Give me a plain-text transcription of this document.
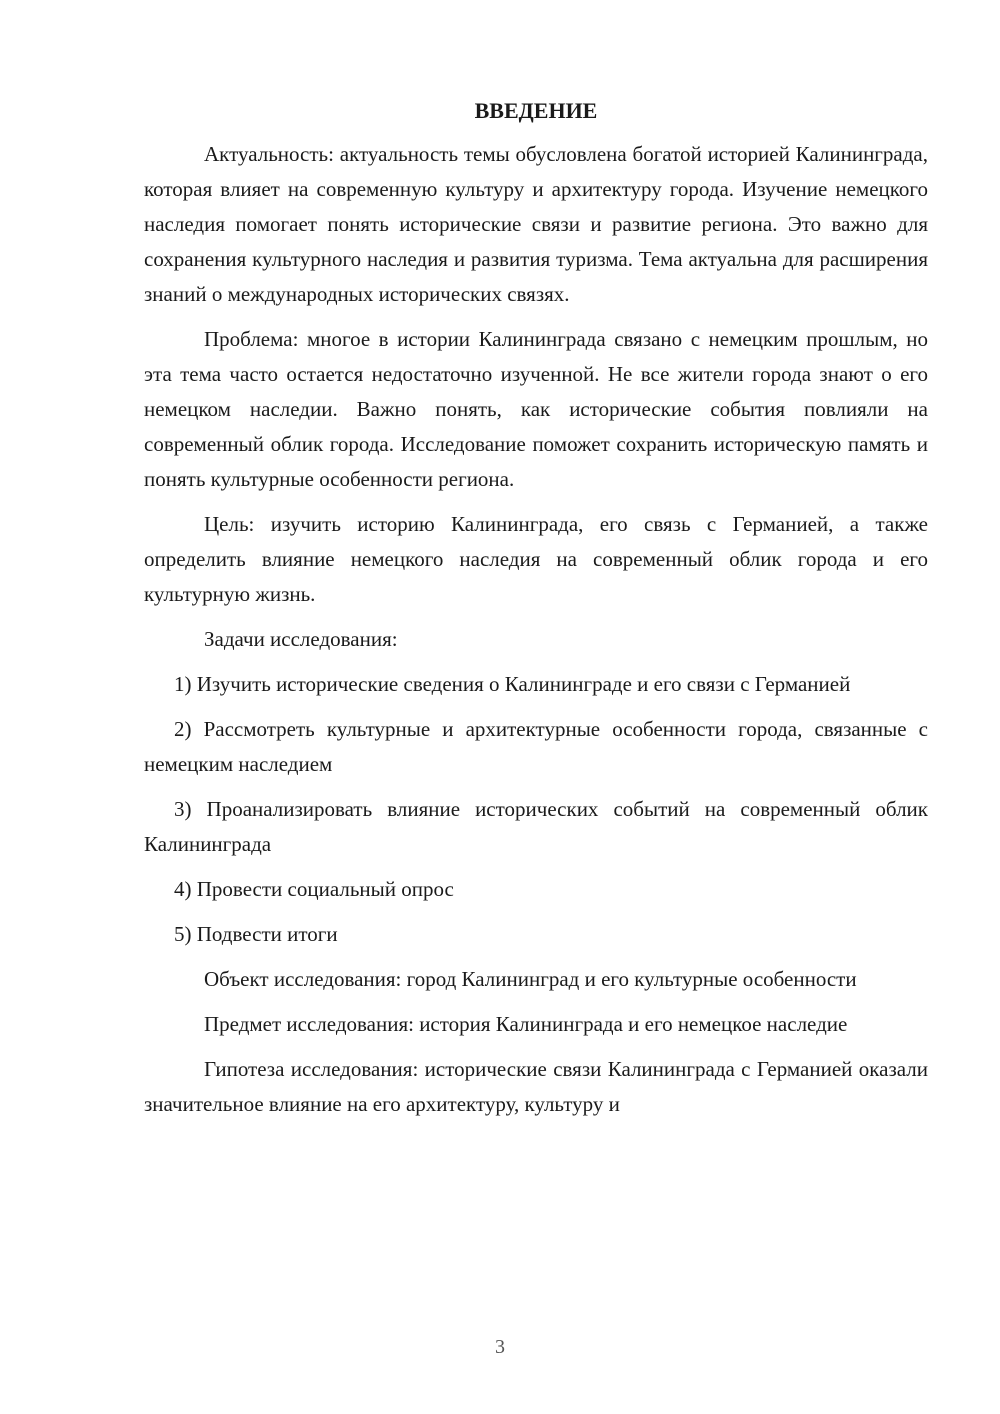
ВВЕДЕНИЕ

Актуальность: актуальность темы обусловлена богатой историей Калининграда, которая влияет на современную культуру и архитектуру города. Изучение немецкого наследия помогает понять исторические связи и развитие региона. Это важно для сохранения культурного наследия и развития туризма. Тема актуальна для расширения знаний о международных исторических связях.

Проблема: многое в истории Калининграда связано с немецким прошлым, но эта тема часто остается недостаточно изученной. Не все жители города знают о его немецком наследии. Важно понять, как исторические события повлияли на современный облик города. Исследование поможет сохранить историческую память и понять культурные особенности региона.

Цель: изучить историю Калининграда, его связь с Германией, а также определить влияние немецкого наследия на современный облик города и его культурную жизнь.

Задачи исследования:

1) Изучить исторические сведения о Калининграде и его связи с Германией

2) Рассмотреть культурные и архитектурные особенности города, связанные с немецким наследием

3) Проанализировать влияние исторических событий на современный облик Калининграда

4) Провести социальный опрос

5) Подвести итоги

Объект исследования: город Калининград и его культурные особенности

Предмет исследования: история Калининграда и его немецкое наследие

Гипотеза исследования: исторические связи Калининграда с Германией оказали значительное влияние на его архитектуру, культуру и

3
